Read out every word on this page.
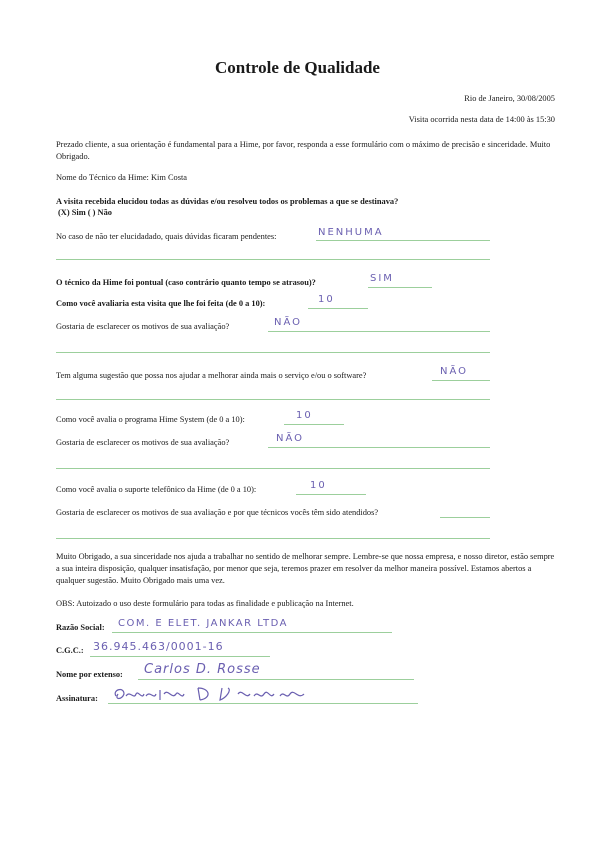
Controle de Qualidade
Rio de Janeiro, 30/08/2005
Visita ocorrida nesta data de 14:00 às 15:30
Prezado cliente, a sua orientação é fundamental para a Hime, por favor, responda a esse formulário com o máximo de precisão e sinceridade. Muito Obrigado.
Nome do Técnico da Hime: Kim Costa
A visita recebida elucidou todas as dúvidas e/ou resolveu todos os problemas a que se destinava?
(X) Sim ( ) Não
No caso de não ter elucidadado, quais dúvidas ficaram pendentes:	NENHUMA
O técnico da Hime foi pontual (caso contrário quanto tempo se atrasou)?	SIM
Como você avaliaria esta visita que lhe foi feita (de 0 a 10):	10
Gostaria de esclarecer os motivos de sua avaliação?	NÃO
Tem alguma sugestão que possa nos ajudar a melhorar ainda mais o serviço e/ou o software?	NÃO
Como você avalia o programa Hime System (de 0 a 10):	10
Gostaria de esclarecer os motivos de sua avaliação?	NÃO
Como você avalia o suporte telefônico da Hime (de 0 a 10):	10
Gostaria de esclarecer os motivos de sua avaliação e por que técnicos vocês têm sido atendidos?
Muito Obrigado, a sua sinceridade nos ajuda a trabalhar no sentido de melhorar sempre. Lembre-se que nossa empresa, e nosso diretor, estão sempre a sua inteira disposição, qualquer insatisfação, por menor que seja, teremos prazer em resolver da melhor maneira possível. Estamos abertos a qualquer sugestão. Muito Obrigado mais uma vez.
OBS: Autoizado o uso deste formulário para todas as finalidade e publicação na Internet.
Razão Social: COM. E ELET. JANKAR LTDA
C.G.C.: 36.945.463/0001-16
Nome por extenso: Carlos D. Rosse
Assinatura:
